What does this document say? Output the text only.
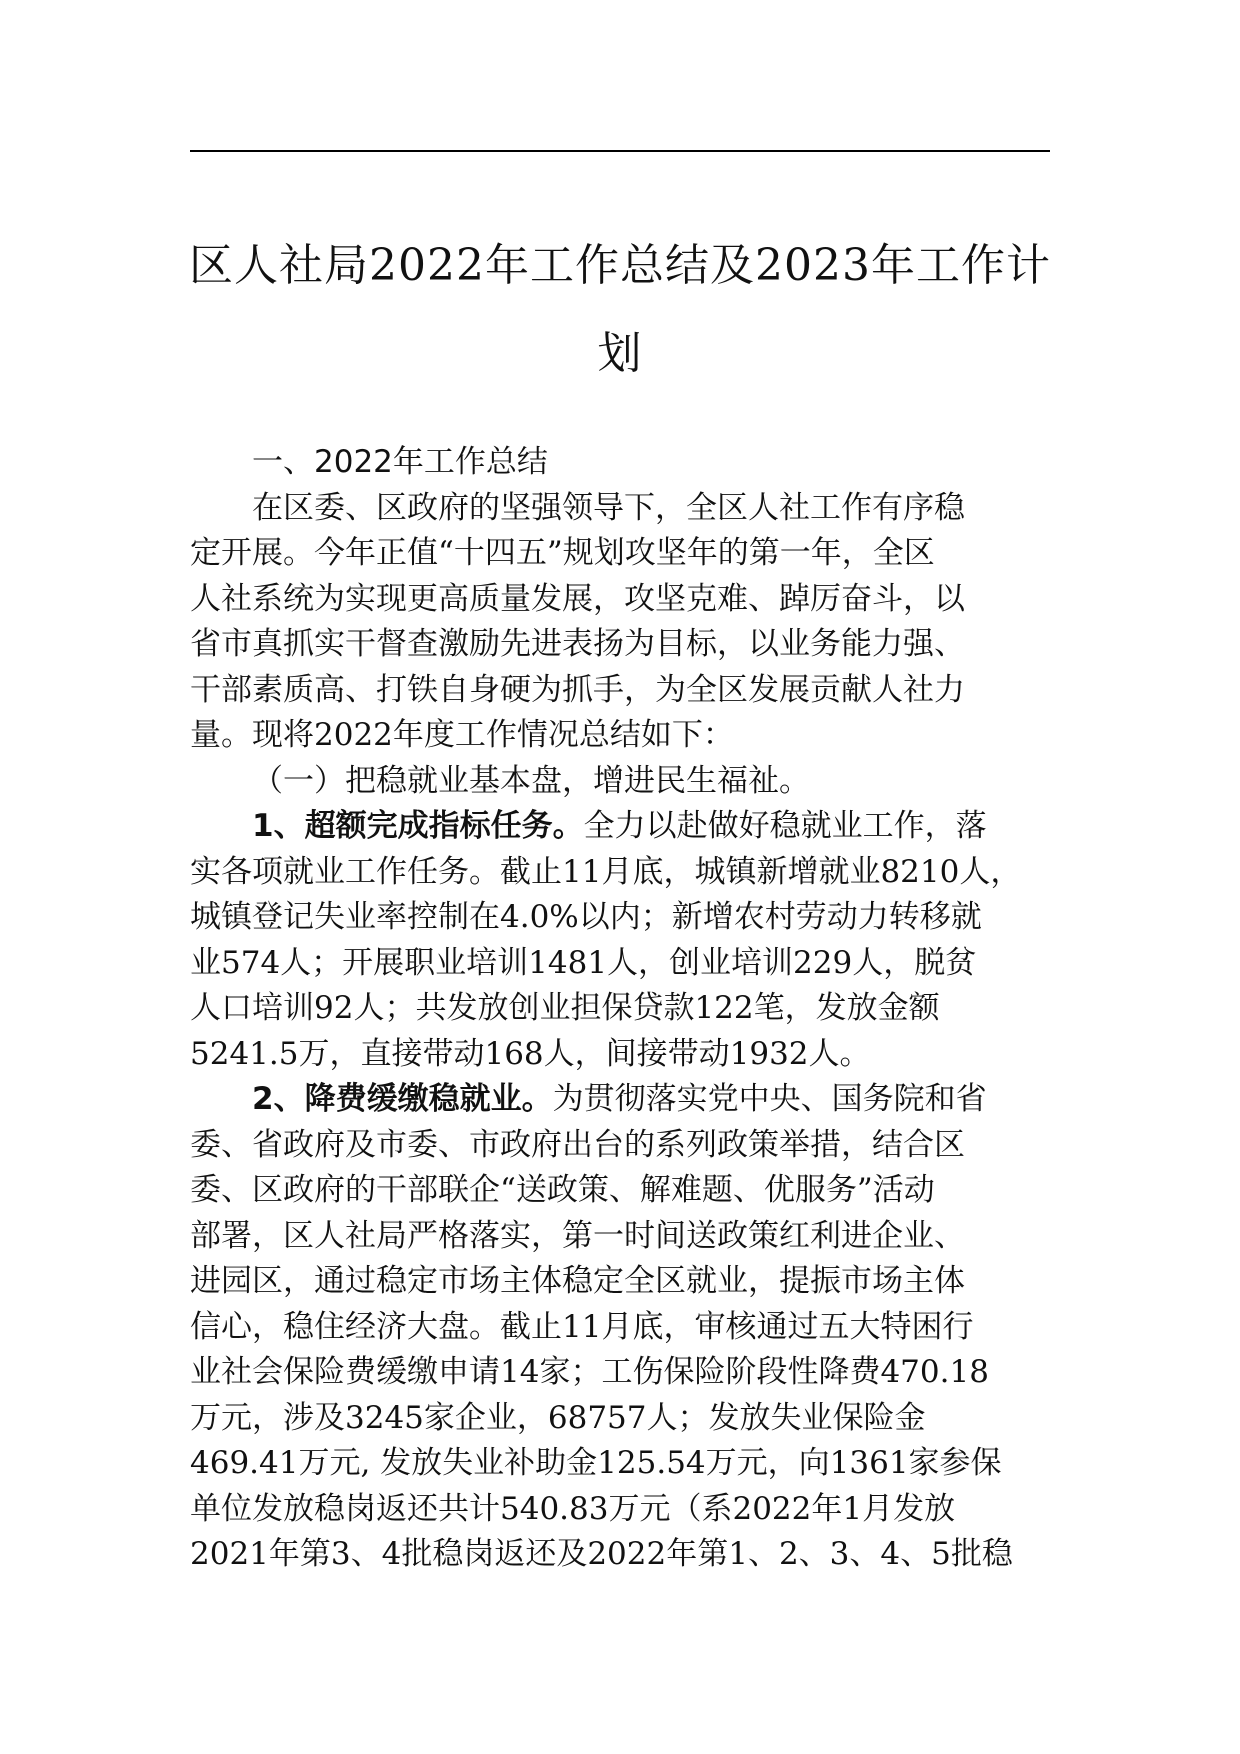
区人社局2022年工作总结及2023年工作计
划
一、2022年工作总结
在区委、区政府的坚强领导下，全区人社工作有序稳
定开展。今年正值“十四五”规划攻坚年的第一年，全区
人社系统为实现更高质量发展，攻坚克难、踔厉奋斗，以
省市真抓实干督查激励先进表扬为目标，以业务能力强、
干部素质高、打铁自身硬为抓手，为全区发展贡献人社力
量。现将2022年度工作情况总结如下：
（一）把稳就业基本盘，增进民生福祉。
1、超额完成指标任务。全力以赴做好稳就业工作，落
实各项就业工作任务。截止11月底，城镇新增就业8210人，
城镇登记失业率控制在4.0%以内；新增农村劳动力转移就
业574人；开展职业培训1481人，创业培训229人，脱贫
人口培训92人；共发放创业担保贷款122笔，发放金额
5241.5万，直接带动168人，间接带动1932人。
2、降费缓缴稳就业。为贯彻落实党中央、国务院和省
委、省政府及市委、市政府出台的系列政策举措，结合区
委、区政府的干部联企“送政策、解难题、优服务”活动
部署，区人社局严格落实，第一时间送政策红利进企业、
进园区，通过稳定市场主体稳定全区就业，提振市场主体
信心，稳住经济大盘。截止11月底，审核通过五大特困行
业社会保险费缓缴申请14家；工伤保险阶段性降费470.18
万元，涉及3245家企业，68757人；发放失业保险金
469.41万元, 发放失业补助金125.54万元，向1361家参保
单位发放稳岗返还共计540.83万元（系2022年1月发放
2021年第3、4批稳岗返还及2022年第1、2、3、4、5批稳
